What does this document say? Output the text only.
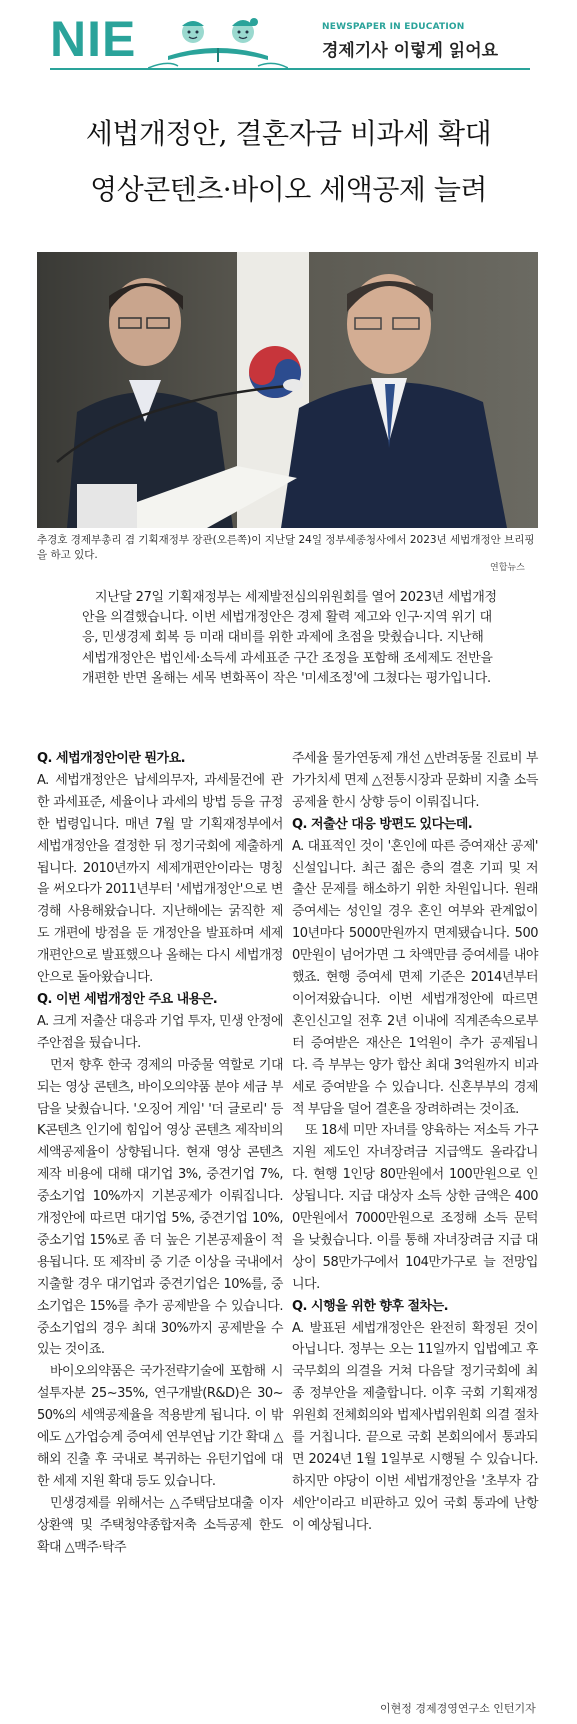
NIE	NEWSPAPER IN EDUCATION
경제기사 이렇게 읽어요
세법개정안, 결혼자금 비과세 확대
영상콘텐츠·바이오 세액공제 늘려
추경호 경제부총리 겸 기획재정부 장관(오른쪽)이 지난달 24일 정부세종청사에서 2023년 세법개정안 브리핑을 하고 있다.
연합뉴스

지난달 27일 기획재정부는 세제발전심의위원회를 열어 2023년 세법개정안을 의결했습니다. 이번 세법개정안은 경제 활력 제고와 인구·지역 위기 대응, 민생경제 회복 등 미래 대비를 위한 과제에 초점을 맞췄습니다. 지난해 세법개정안은 법인세·소득세 과세표준 구간 조정을 포함해 조세제도 전반을 개편한 반면 올해는 세목 변화폭이 작은 '미세조정'에 그쳤다는 평가입니다.

Q. 세법개정안이란 뭔가요.

A. 세법개정안은 납세의무자, 과세물건에 관한 과세표준, 세율이나 과세의 방법 등을 규정한 법령입니다. 매년 7월 말 기획재정부에서 세법개정안을 결정한 뒤 정기국회에 제출하게 됩니다. 2010년까지 세제개편안이라는 명칭을 써오다가 2011년부터 '세법개정안'으로 변경해 사용해왔습니다. 지난해에는 굵직한 제도 개편에 방점을 둔 개정안을 발표하며 세제개편안으로 발표했으나 올해는 다시 세법개정안으로 돌아왔습니다.

Q. 이번 세법개정안 주요 내용은.

A. 크게 저출산 대응과 기업 투자, 민생 안정에 주안점을 뒀습니다.

먼저 향후 한국 경제의 마중물 역할로 기대되는 영상 콘텐츠, 바이오의약품 분야 세금 부담을 낮췄습니다. '오징어 게임' '더 글로리' 등 K콘텐츠 인기에 힘입어 영상 콘텐츠 제작비의 세액공제율이 상향됩니다. 현재 영상 콘텐츠 제작 비용에 대해 대기업 3%, 중견기업 7%, 중소기업 10%까지 기본공제가 이뤄집니다. 개정안에 따르면 대기업 5%, 중견기업 10%, 중소기업 15%로 좀 더 높은 기본공제율이 적용됩니다. 또 제작비 중 기준 이상을 국내에서 지출할 경우 대기업과 중견기업은 10%를, 중소기업은 15%를 추가 공제받을 수 있습니다. 중소기업의 경우 최대 30%까지 공제받을 수 있는 것이죠.

바이오의약품은 국가전략기술에 포함해 시설투자분 25~35%, 연구개발(R&D)은 30~50%의 세액공제율을 적용받게 됩니다. 이 밖에도 △가업승계 증여세 연부연납 기간 확대 △해외 진출 후 국내로 복귀하는 유턴기업에 대한 세제 지원 확대 등도 있습니다.

민생경제를 위해서는 △주택담보대출 이자상환액 및 주택청약종합저축 소득공제 한도 확대 △맥주·탁주

주세율 물가연동제 개선 △반려동물 진료비 부가가치세 면제 △전통시장과 문화비 지출 소득공제율 한시 상향 등이 이뤄집니다.

Q. 저출산 대응 방편도 있다는데.

A. 대표적인 것이 '혼인에 따른 증여재산 공제' 신설입니다. 최근 젊은 층의 결혼 기피 및 저출산 문제를 해소하기 위한 차원입니다. 원래 증여세는 성인일 경우 혼인 여부와 관계없이 10년마다 5000만원까지 면제됐습니다. 5000만원이 넘어가면 그 차액만큼 증여세를 내야 했죠. 현행 증여세 면제 기준은 2014년부터 이어져왔습니다. 이번 세법개정안에 따르면 혼인신고일 전후 2년 이내에 직계존속으로부터 증여받은 재산은 1억원이 추가 공제됩니다. 즉 부부는 양가 합산 최대 3억원까지 비과세로 증여받을 수 있습니다. 신혼부부의 경제적 부담을 덜어 결혼을 장려하려는 것이죠.

또 18세 미만 자녀를 양육하는 저소득 가구 지원 제도인 자녀장려금 지급액도 올라갑니다. 현행 1인당 80만원에서 100만원으로 인상됩니다. 지급 대상자 소득 상한 금액은 4000만원에서 7000만원으로 조정해 소득 문턱을 낮췄습니다. 이를 통해 자녀장려금 지급 대상이 58만가구에서 104만가구로 늘 전망입니다.

Q. 시행을 위한 향후 절차는.

A. 발표된 세법개정안은 완전히 확정된 것이 아닙니다. 정부는 오는 11일까지 입법예고 후 국무회의 의결을 거쳐 다음달 정기국회에 최종 정부안을 제출합니다. 이후 국회 기획재정위원회 전체회의와 법제사법위원회 의결 절차를 거칩니다. 끝으로 국회 본회의에서 통과되면 2024년 1월 1일부로 시행될 수 있습니다. 하지만 야당이 이번 세법개정안을 '초부자 감세안'이라고 비판하고 있어 국회 통과에 난항이 예상됩니다.

이현정 경제경영연구소 인턴기자
